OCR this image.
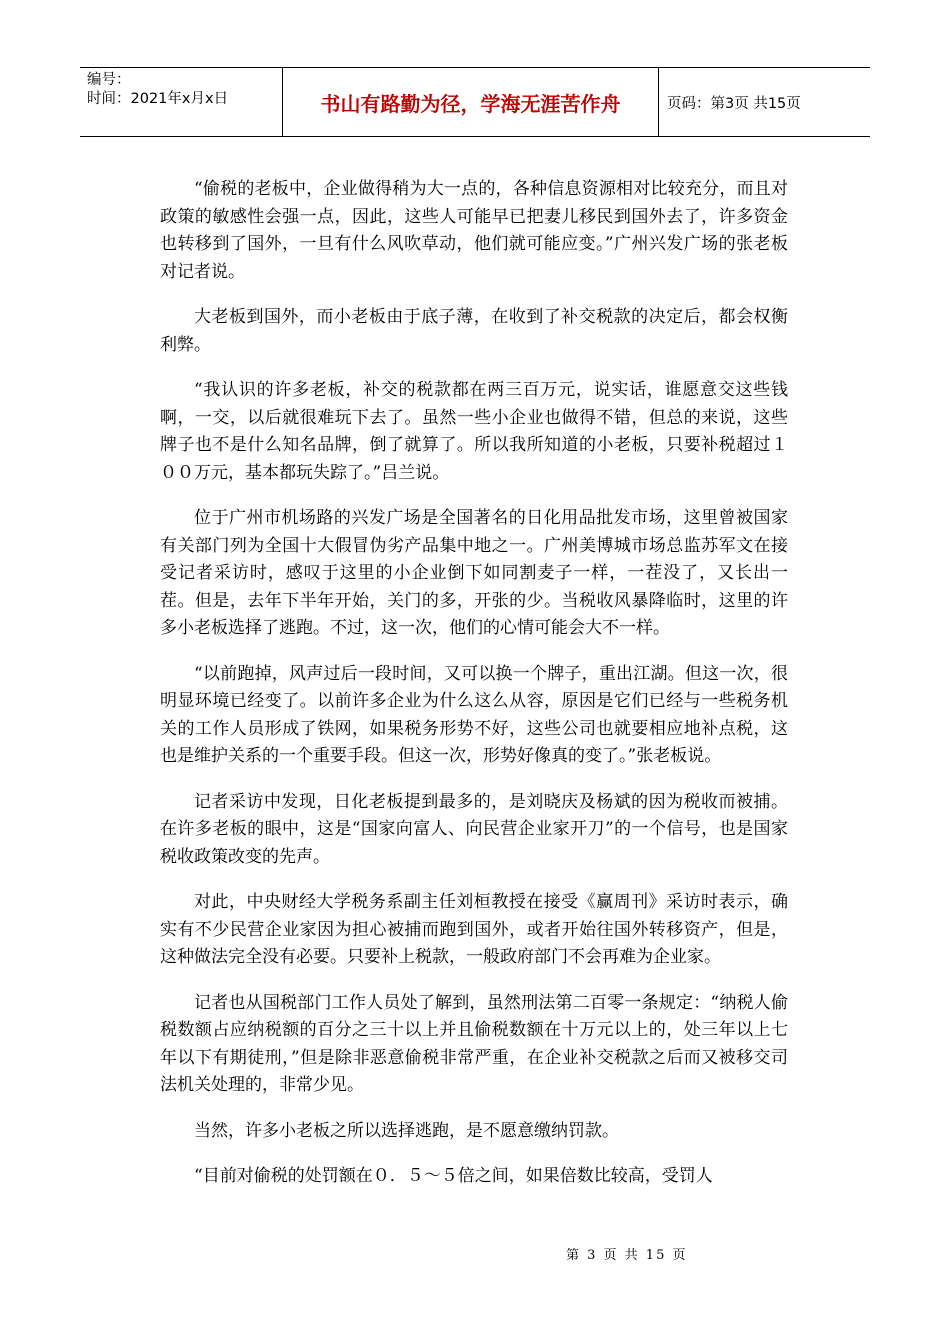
编号：
时间：2021年x月x日	书山有路勤为径，学海无涯苦作舟	页码：第3页 共15页

“偷税的老板中，企业做得稍为大一点的，各种信息资源相对比较充分，而且对政策的敏感性会强一点，因此，这些人可能早已把妻儿移民到国外去了，许多资金也转移到了国外，一旦有什么风吹草动，他们就可能应变。”广州兴发广场的张老板对记者说。

大老板到国外，而小老板由于底子薄，在收到了补交税款的决定后，都会权衡利弊。

“我认识的许多老板，补交的税款都在两三百万元，说实话，谁愿意交这些钱啊，一交，以后就很难玩下去了。虽然一些小企业也做得不错，但总的来说，这些牌子也不是什么知名品牌，倒了就算了。所以我所知道的小老板，只要补税超过１００万元，基本都玩失踪了。”吕兰说。

位于广州市机场路的兴发广场是全国著名的日化用品批发市场，这里曾被国家有关部门列为全国十大假冒伪劣产品集中地之一。广州美博城市场总监苏军文在接受记者采访时，感叹于这里的小企业倒下如同割麦子一样，一茬没了，又长出一茬。但是，去年下半年开始，关门的多，开张的少。当税收风暴降临时，这里的许多小老板选择了逃跑。不过，这一次，他们的心情可能会大不一样。

“以前跑掉，风声过后一段时间，又可以换一个牌子，重出江湖。但这一次，很明显环境已经变了。以前许多企业为什么这么从容，原因是它们已经与一些税务机关的工作人员形成了铁网，如果税务形势不好，这些公司也就要相应地补点税，这也是维护关系的一个重要手段。但这一次，形势好像真的变了。”张老板说。

记者采访中发现，日化老板提到最多的，是刘晓庆及杨斌的因为税收而被捕。在许多老板的眼中，这是“国家向富人、向民营企业家开刀”的一个信号，也是国家税收政策改变的先声。

对此，中央财经大学税务系副主任刘桓教授在接受《赢周刊》采访时表示，确实有不少民营企业家因为担心被捕而跑到国外，或者开始往国外转移资产，但是，这种做法完全没有必要。只要补上税款，一般政府部门不会再难为企业家。

记者也从国税部门工作人员处了解到，虽然刑法第二百零一条规定：“纳税人偷税数额占应纳税额的百分之三十以上并且偷税数额在十万元以上的，处三年以上七年以下有期徒刑，”但是除非恶意偷税非常严重，在企业补交税款之后而又被移交司法机关处理的，非常少见。

当然，许多小老板之所以选择逃跑，是不愿意缴纳罚款。

“目前对偷税的处罚额在０．５～５倍之间，如果倍数比较高，受罚人

第 3 页 共 15 页
